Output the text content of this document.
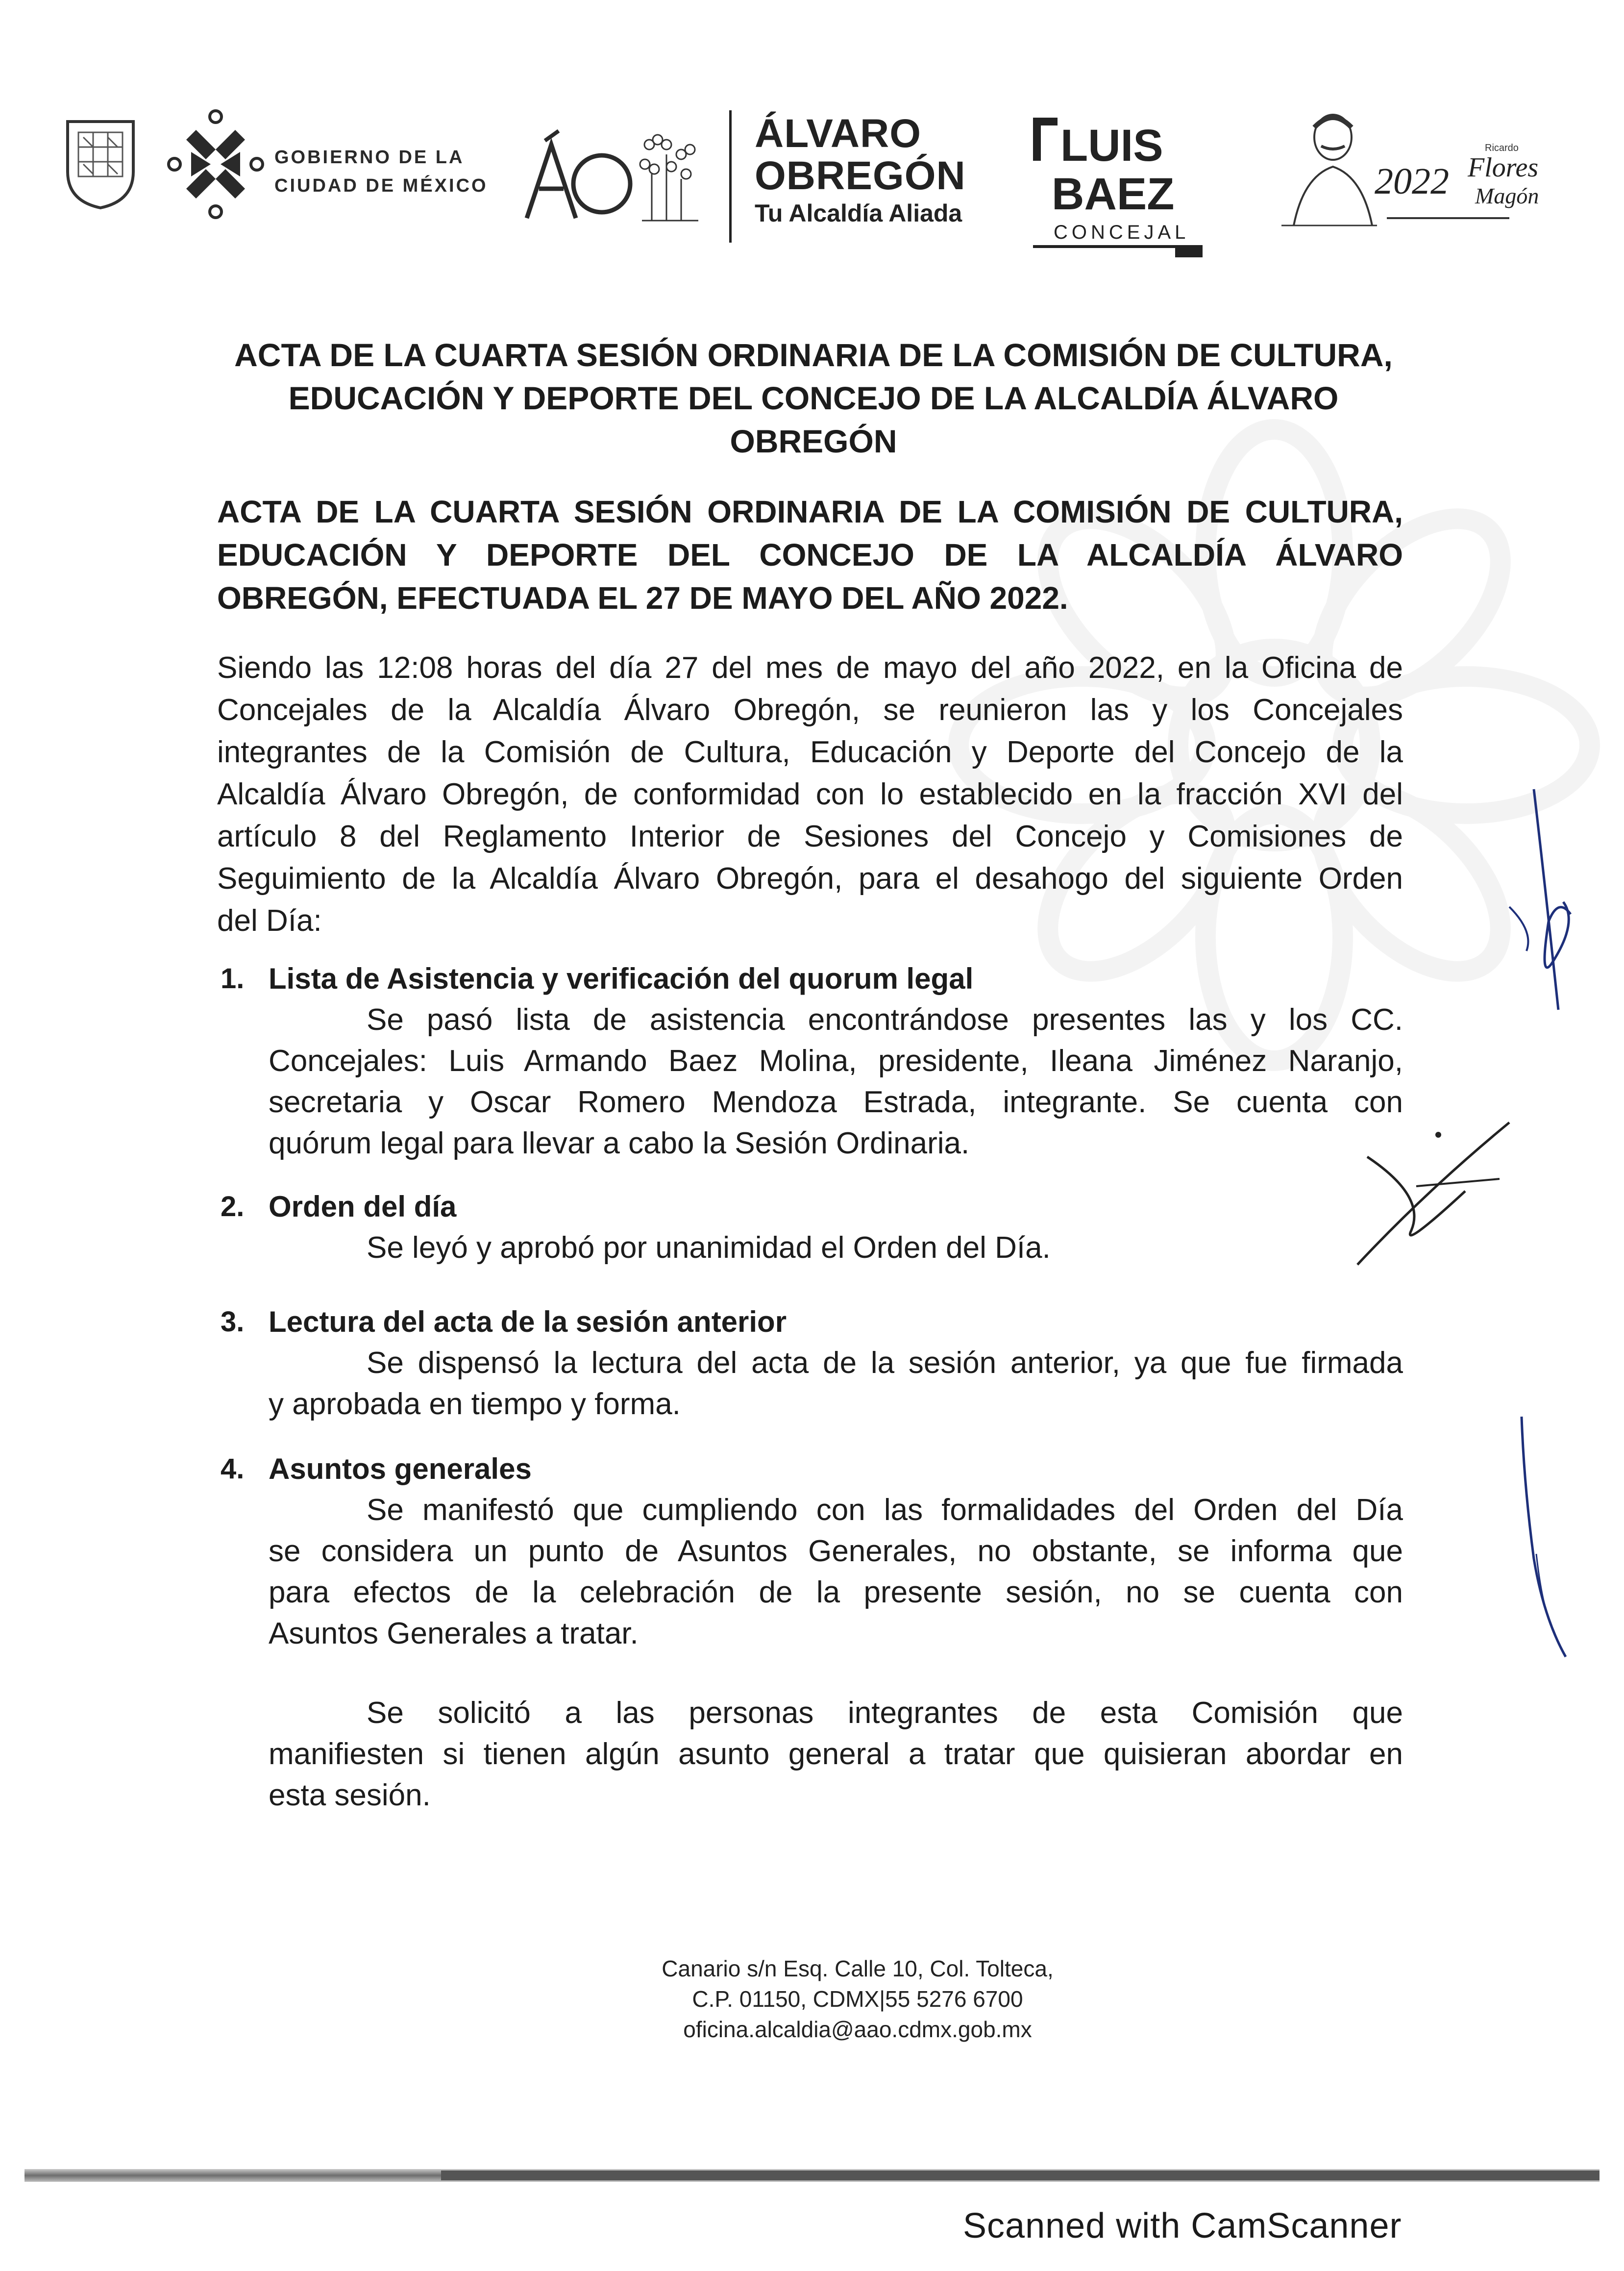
GOBIERNO DE LA
CIUDAD DE MÉXICO
ÁLVARO
OBREGÓN
Tu Alcaldía Aliada
LUIS
BAEZ
CONCEJAL
2022 Flores
Magón
Ricardo
ACTA DE LA CUARTA SESIÓN ORDINARIA DE LA COMISIÓN DE CULTURA,
EDUCACIÓN Y DEPORTE DEL CONCEJO DE LA ALCALDÍA ÁLVARO
OBREGÓN
ACTA DE LA CUARTA SESIÓN ORDINARIA DE LA COMISIÓN DE CULTURA,
EDUCACIÓN Y DEPORTE DEL CONCEJO DE LA ALCALDÍA ÁLVARO
OBREGÓN, EFECTUADA EL 27 DE MAYO DEL AÑO 2022.
Siendo las 12:08 horas del día 27 del mes de mayo del año 2022, en la Oficina de
Concejales de la Alcaldía Álvaro Obregón, se reunieron las y los Concejales
integrantes de la Comisión de Cultura, Educación y Deporte del Concejo de la
Alcaldía Álvaro Obregón, de conformidad con lo establecido en la fracción XVI del
artículo 8 del Reglamento Interior de Sesiones del Concejo y Comisiones de
Seguimiento de la Alcaldía Álvaro Obregón, para el desahogo del siguiente Orden
del Día:
1. Lista de Asistencia y verificación del quorum legal
Se pasó lista de asistencia encontrándose presentes las y los CC.
Concejales: Luis Armando Baez Molina, presidente, Ileana Jiménez Naranjo,
secretaria y Oscar Romero Mendoza Estrada, integrante. Se cuenta con
quórum legal para llevar a cabo la Sesión Ordinaria.
2. Orden del día
Se leyó y aprobó por unanimidad el Orden del Día.
3. Lectura del acta de la sesión anterior
Se dispensó la lectura del acta de la sesión anterior, ya que fue firmada
y aprobada en tiempo y forma.
4. Asuntos generales
Se manifestó que cumpliendo con las formalidades del Orden del Día
se considera un punto de Asuntos Generales, no obstante, se informa que
para efectos de la celebración de la presente sesión, no se cuenta con
Asuntos Generales a tratar.
Se solicitó a las personas integrantes de esta Comisión que
manifiesten si tienen algún asunto general a tratar que quisieran abordar en
esta sesión.
Canario s/n Esq. Calle 10, Col. Tolteca,
C.P. 01150, CDMX|55 5276 6700
oficina.alcaldia@aao.cdmx.gob.mx
Scanned with CamScanner
